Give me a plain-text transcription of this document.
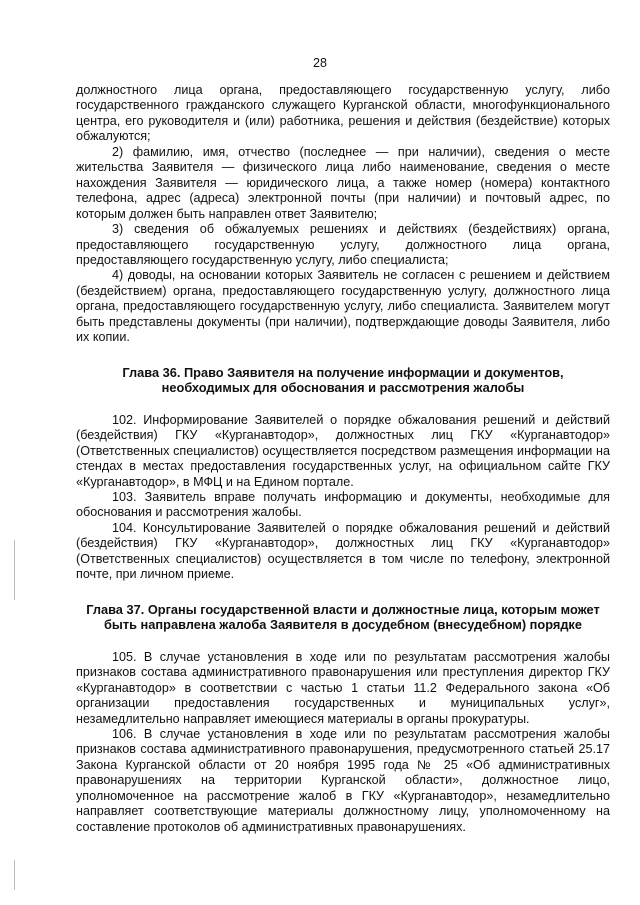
28

должностного лица органа, предоставляющего государственную услугу, либо государственного гражданского служащего Курганской области, многофункционального центра, его руководителя и (или) работника, решения и действия (бездействие) которых обжалуются;

2) фамилию, имя, отчество (последнее — при наличии), сведения о месте жительства Заявителя — физического лица либо наименование, сведения о месте нахождения Заявителя — юридического лица, а также номер (номера) контактного телефона, адрес (адреса) электронной почты (при наличии) и почтовый адрес, по которым должен быть направлен ответ Заявителю;

3) сведения об обжалуемых решениях и действиях (бездействиях) органа, предоставляющего государственную услугу, должностного лица органа, предоставляющего государственную услугу, либо специалиста;

4) доводы, на основании которых Заявитель не согласен с решением и действием (бездействием) органа, предоставляющего государственную услугу, должностного лица органа, предоставляющего государственную услугу, либо специалиста. Заявителем могут быть представлены документы (при наличии), подтверждающие доводы Заявителя, либо их копии.

Глава 36. Право Заявителя на получение информации и документов,
необходимых для обоснования и рассмотрения жалобы

102. Информирование Заявителей о порядке обжалования решений и действий (бездействия) ГКУ «Курганавтодор», должностных лиц ГКУ «Курганавтодор» (Ответственных специалистов) осуществляется посредством размещения информации на стендах в местах предоставления государственных услуг, на официальном сайте ГКУ «Курганавтодор», в МФЦ и на Едином портале.

103. Заявитель вправе получать информацию и документы, необходимые для обоснования и рассмотрения жалобы.

104. Консультирование Заявителей о порядке обжалования решений и действий (бездействия) ГКУ «Курганавтодор», должностных лиц ГКУ «Курганавтодор» (Ответственных специалистов) осуществляется в том числе по телефону, электронной почте, при личном приеме.

Глава 37. Органы государственной власти и должностные лица, которым может
быть направлена жалоба Заявителя в досудебном (внесудебном) порядке

105. В случае установления в ходе или по результатам рассмотрения жалобы признаков состава административного правонарушения или преступления директор ГКУ «Курганавтодор» в соответствии с частью 1 статьи 11.2 Федерального закона «Об организации предоставления государственных и муниципальных услуг», незамедлительно направляет имеющиеся материалы в органы прокуратуры.

106. В случае установления в ходе или по результатам рассмотрения жалобы признаков состава административного правонарушения, предусмотренного статьей 25.17 Закона Курганской области от 20 ноября 1995 года № 25 «Об административных правонарушениях на территории Курганской области», должностное лицо, уполномоченное на рассмотрение жалоб в ГКУ «Курганавтодор», незамедлительно направляет соответствующие материалы должностному лицу, уполномоченному на составление протоколов об административных правонарушениях.
